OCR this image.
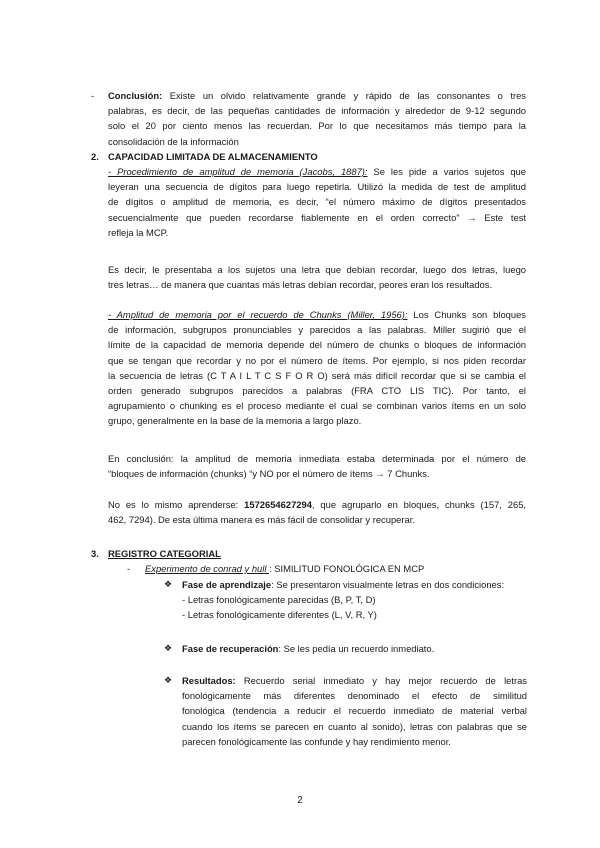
- Conclusión: Existe un olvido relativamente grande y rápido de las consonantes o tres
palabras, es decir, de las pequeñas cantidades de información y alrededor de 9-12 segundo
solo el 20 por ciento menos las recuerdan. Por lo que necesitamos más tiempo para la
consolidación de la información
2. CAPACIDAD LIMITADA DE ALMACENAMIENTO
- Procedimiento de amplitud de memoria (Jacobs, 1887): Se les pide a varios sujetos que
leyeran una secuencia de dígitos para luego repetirla. Utilizó la medida de test de amplitud
de dígitos o amplitud de memoria, es decir, “el número máximo de dígitos presentados
secuencialmente que pueden recordarse fiablemente en el orden correcto” → Este test
refleja la MCP.
Es decir, le presentaba a los sujetos una letra que debían recordar, luego dos letras, luego
tres letras… de manera que cuantas más letras debían recordar, peores eran los resultados.
- Amplitud de memoria por el recuerdo de Chunks (Miller, 1956): Los Chunks son bloques
de información, subgrupos pronunciables y parecidos a las palabras. Miller sugirió que el
límite de la capacidad de memoria depende del número de chunks o bloques de información
que se tengan que recordar y no por el número de ítems. Por ejemplo, si nos piden recordar
la secuencia de letras (C T A I L T C S F O R O) será más difícil recordar que si se cambia el
orden generado subgrupos parecidos a palabras (FRA CTO LIS TIC). Por tanto, el
agrupamiento o chunking es el proceso mediante el cual se combinan varios ítems en un solo
grupo, generalmente en la base de la memoria a largo plazo.
En conclusión: la amplitud de memoria inmediata estaba determinada por el número de
“bloques de información (chunks) “y NO por el número de ítems → 7 Chunks.
No es lo mismo aprenderse: 1572654627294, que agruparlo en bloques, chunks (157, 265,
462, 7294). De esta última manera es más fácil de consolidar y recuperar.
3. REGISTRO CATEGORIAL
- Experimento de conrad y hull : SIMILITUD FONOLÓGICA EN MCP
❖ Fase de aprendizaje: Se presentaron visualmente letras en dos condiciones:
- Letras fonológicamente parecidas (B, P, T, D)
- Letras fonológicamente diferentes (L, V, R, Y)
❖ Fase de recuperación: Se les pedía un recuerdo inmediato.
❖ Resultados: Recuerdo serial inmediato y hay mejor recuerdo de letras
fonológicamente más diferentes denominado el efecto de similitud
fonológica (tendencia a reducir el recuerdo inmediato de material verbal
cuando los ítems se parecen en cuanto al sonido), letras con palabras que se
parecen fonológicamente las confunde y hay rendimiento menor.
2
